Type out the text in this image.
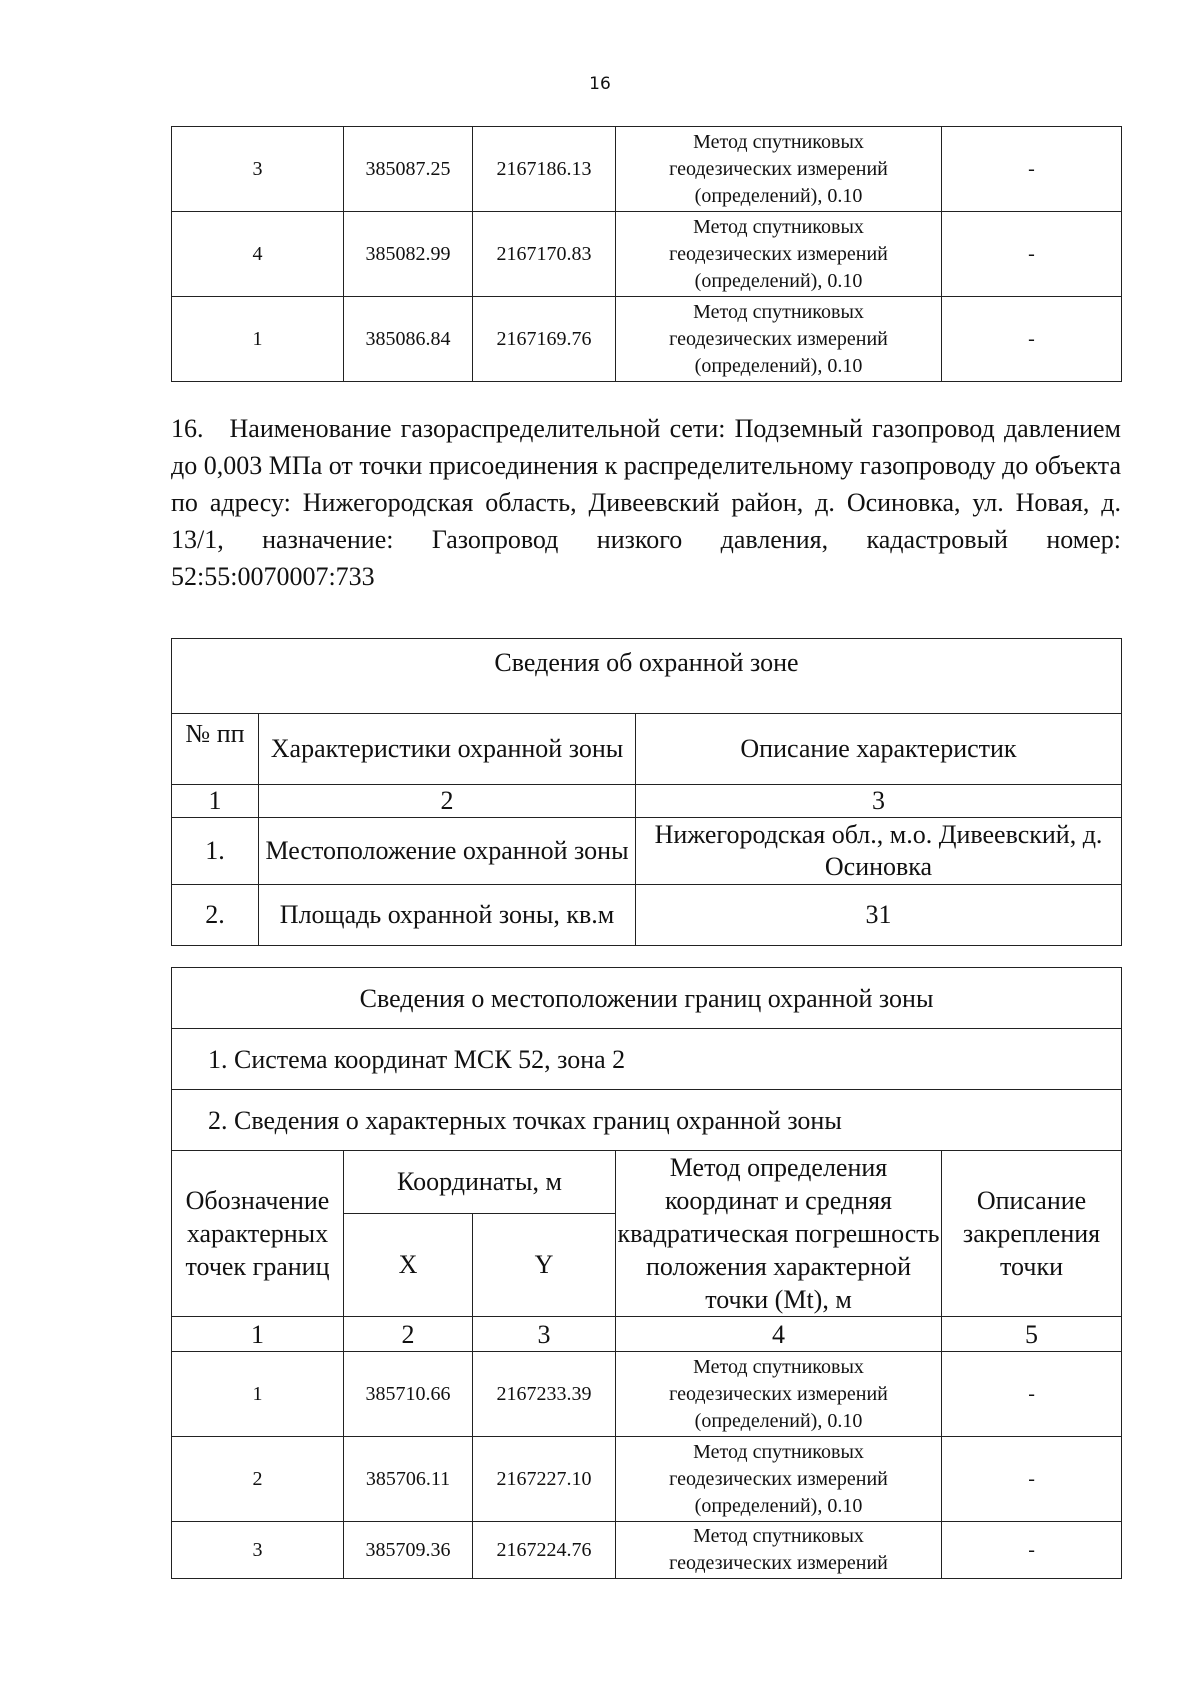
16
3	385087.25	2167186.13	Метод спутниковых
геодезических измерений
(определений), 0.10	-
4	385082.99	2167170.83	Метод спутниковых
геодезических измерений
(определений), 0.10	-
1	385086.84	2167169.76	Метод спутниковых
геодезических измерений
(определений), 0.10	-

16. Наименование газораспределительной сети: Подземный газопровод давлением до 0,003 МПа от точки присоединения к распределительному газопроводу до объекта по адресу: Нижегородская область, Дивеевский район, д. Осиновка, ул. Новая, д. 13/1, назначение: Газопровод низкого давления, кадастровый номер: 52:55:0070007:733

Сведения об охранной зоне		
№ пп	Характеристики охранной зоны	Описание характеристик
1	2	3
1.	Местоположение охранной зоны	Нижегородская обл., м.о. Дивеевский, д. Осиновка
2.	Площадь охранной зоны, кв.м	31
Сведения о местоположении границ охранной зоны				
1. Система координат МСК 52, зона 2				
2. Сведения о характерных точках границ охранной зоны				
Обозначение характерных точек границ	Координаты, м		Метод определения координат и средняя квадратическая погрешность положения характерной точки (Mt), м	Описание закрепления точки
	X	Y		
1	2	3	4	5
1	385710.66	2167233.39	Метод спутниковых
геодезических измерений
(определений), 0.10	-
2	385706.11	2167227.10	Метод спутниковых
геодезических измерений
(определений), 0.10	-
3	385709.36	2167224.76	Метод спутниковых
геодезических измерений	-
